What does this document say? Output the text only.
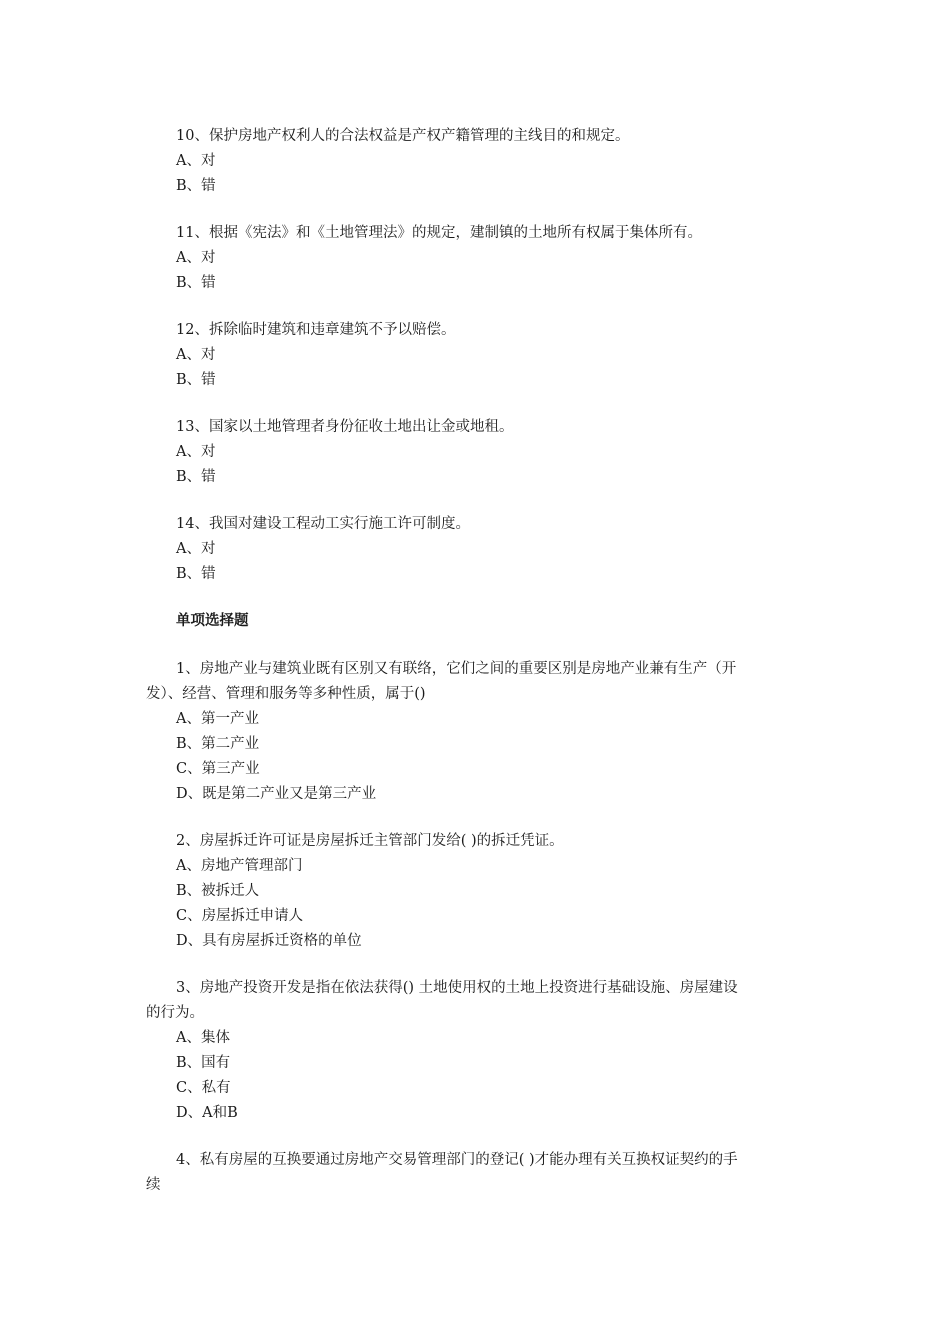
10、保护房地产权利人的合法权益是产权产籍管理的主线目的和规定。
A、对
B、错
11、根据《宪法》和《土地管理法》的规定，建制镇的土地所有权属于集体所有。
A、对
B、错
12、拆除临时建筑和违章建筑不予以赔偿。
A、对
B、错
13、国家以土地管理者身份征收土地出让金或地租。
A、对
B、错
14、我国对建设工程动工实行施工许可制度。
A、对
B、错
单项选择题
1、房地产业与建筑业既有区别又有联络，它们之间的重要区别是房地产业兼有生产（开
发）、经营、管理和服务等多种性质，属于()
A、第一产业
B、第二产业
C、第三产业
D、既是第二产业又是第三产业
2、房屋拆迁许可证是房屋拆迁主管部门发给( )的拆迁凭证。
A、房地产管理部门
B、被拆迁人
C、房屋拆迁申请人
D、具有房屋拆迁资格的单位
3、房地产投资开发是指在依法获得() 土地使用权的土地上投资进行基础设施、房屋建设
的行为。
A、集体
B、国有
C、私有
D、A和B
4、私有房屋的互换要通过房地产交易管理部门的登记( )才能办理有关互换权证契约的手
续
